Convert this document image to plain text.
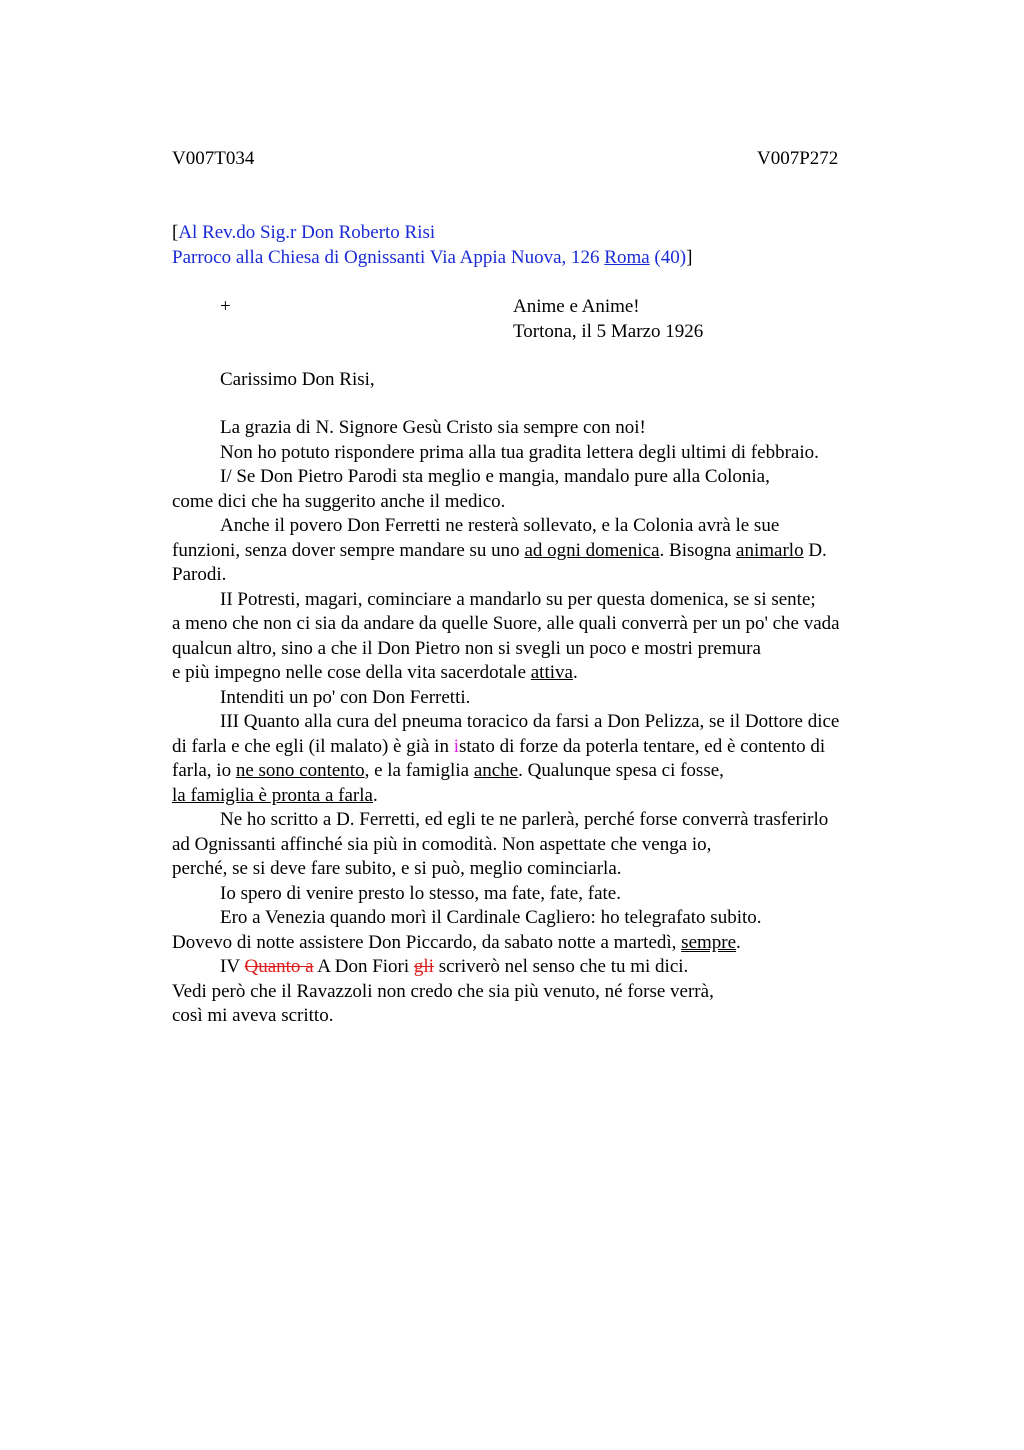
V007T034	V007P272
[Al Rev.do Sig.r Don Roberto Risi
Parroco alla Chiesa di Ognissanti Via Appia Nuova, 126 Roma (40)]
+	Anime e Anime!
Tortona, il 5 Marzo 1926
Carissimo Don Risi,
La grazia di N. Signore Gesù Cristo sia sempre con noi!
Non ho potuto rispondere prima alla tua gradita lettera degli ultimi di febbraio.
I/ Se Don Pietro Parodi sta meglio e mangia, mandalo pure alla Colonia,
come dici che ha suggerito anche il medico.
Anche il povero Don Ferretti ne resterà sollevato, e la Colonia avrà le sue
funzioni, senza dover sempre mandare su uno ad ogni domenica. Bisogna animarlo D.
Parodi.
II Potresti, magari, cominciare a mandarlo su per questa domenica, se si sente;
a meno che non ci sia da andare da quelle Suore, alle quali converrà per un po' che vada
qualcun altro, sino a che il Don Pietro non si svegli un poco e mostri premura
e più impegno nelle cose della vita sacerdotale attiva.
Intenditi un po' con Don Ferretti.
III Quanto alla cura del pneuma toracico da farsi a Don Pelizza, se il Dottore dice
di farla e che egli (il malato) è già in istato di forze da poterla tentare, ed è contento di
farla, io ne sono contento, e la famiglia anche. Qualunque spesa ci fosse,
la famiglia è pronta a farla.
Ne ho scritto a D. Ferretti, ed egli te ne parlerà, perché forse converrà trasferirlo
ad Ognissanti affinché sia più in comodità. Non aspettate che venga io,
perché, se si deve fare subito, e si può, meglio cominciarla.
Io spero di venire presto lo stesso, ma fate, fate, fate.
Ero a Venezia quando morì il Cardinale Cagliero: ho telegrafato subito.
Dovevo di notte assistere Don Piccardo, da sabato notte a martedì, sempre.
IV Quanto a A Don Fiori gli scriverò nel senso che tu mi dici.
Vedi però che il Ravazzoli non credo che sia più venuto, né forse verrà,
così mi aveva scritto.
